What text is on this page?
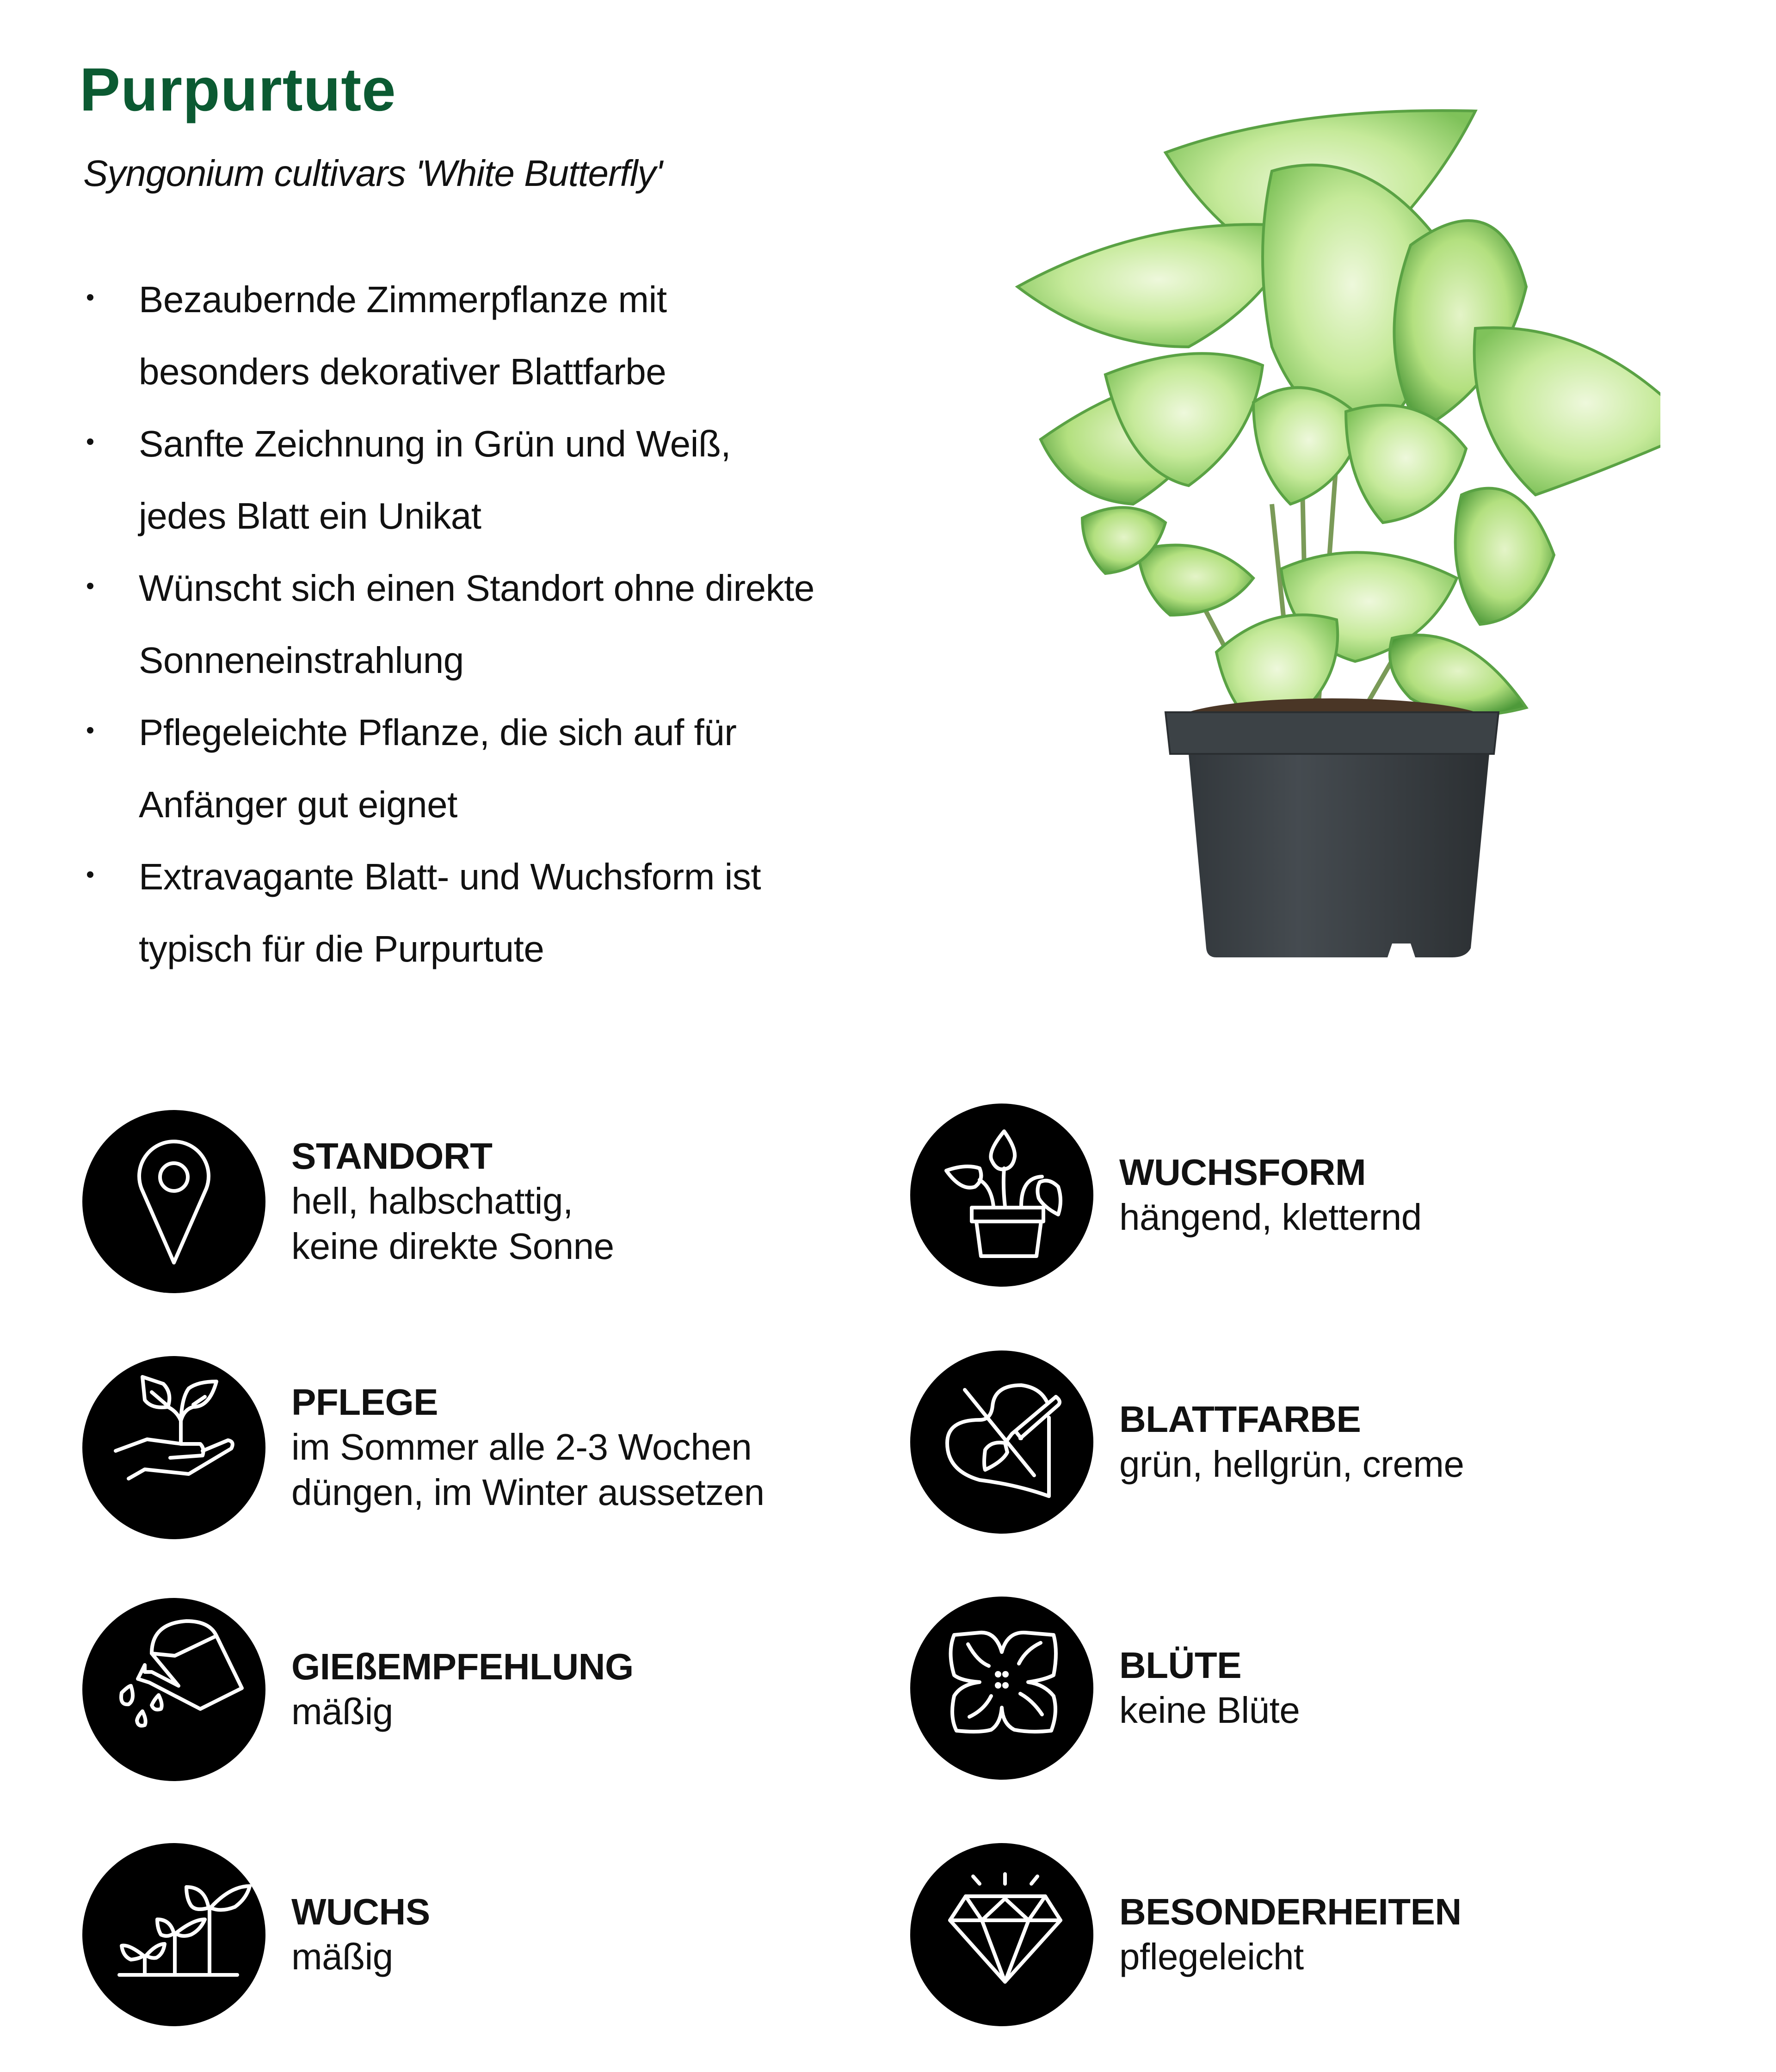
Purpurtute
Syngonium cultivars 'White Butterfly'
Bezaubernde Zimmerpflanze mit
besonders dekorativer Blattfarbe
Sanfte Zeichnung in Grün und Weiß,
jedes Blatt ein Unikat
Wünscht sich einen Standort ohne direkte
Sonneneinstrahlung
Pflegeleichte Pflanze, die sich auf für
Anfänger gut eignet
Extravagante Blatt- und Wuchsform ist
typisch für die Purpurtute
STANDORT
hell, halbschattig,
keine direkte Sonne
WUCHSFORM
hängend, kletternd
PFLEGE
im Sommer alle 2-3 Wochen
düngen, im Winter aussetzen
BLATTFARBE
grün, hellgrün, creme
GIEßEMPFEHLUNG
mäßig
BLÜTE
keine Blüte
WUCHS
mäßig
BESONDERHEITEN
pflegeleicht
